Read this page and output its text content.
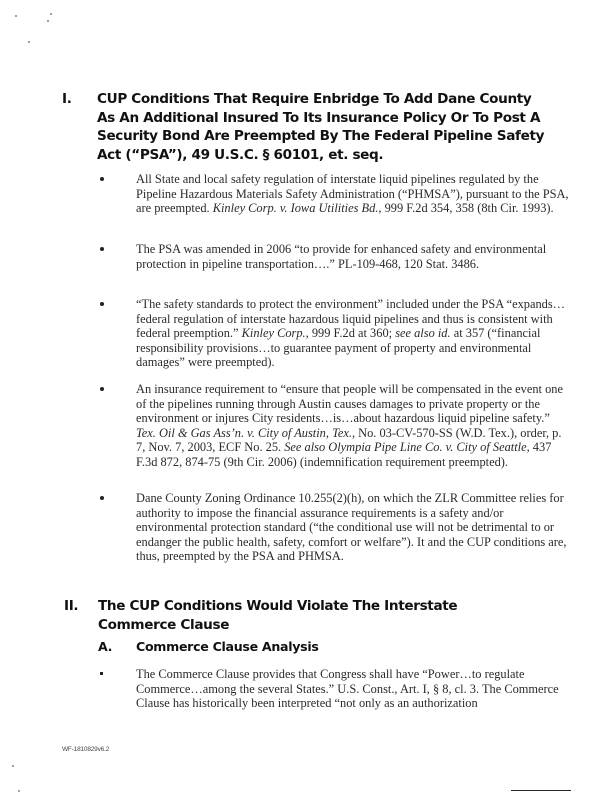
I. CUP Conditions That Require Enbridge To Add Dane County As An Additional Insured To Its Insurance Policy Or To Post A Security Bond Are Preempted By The Federal Pipeline Safety Act (“PSA”), 49 U.S.C. § 60101, et. seq.
All State and local safety regulation of interstate liquid pipelines regulated by the Pipeline Hazardous Materials Safety Administration (“PHMSA”), pursuant to the PSA, are preempted. Kinley Corp. v. Iowa Utilities Bd., 999 F.2d 354, 358 (8th Cir. 1993).
The PSA was amended in 2006 “to provide for enhanced safety and environmental protection in pipeline transportation….” PL-109-468, 120 Stat. 3486.
“The safety standards to protect the environment” included under the PSA “expands…federal regulation of interstate hazardous liquid pipelines and thus is consistent with federal preemption.” Kinley Corp., 999 F.2d at 360; see also id. at 357 (“financial responsibility provisions…to guarantee payment of property and environmental damages” were preempted).
An insurance requirement to “ensure that people will be compensated in the event one of the pipelines running through Austin causes damages to private property or the environment or injures City residents…is…about hazardous liquid pipeline safety.” Tex. Oil & Gas Ass’n. v. City of Austin, Tex., No. 03-CV-570-SS (W.D. Tex.), order, p. 7, Nov. 7, 2003, ECF No. 25. See also Olympia Pipe Line Co. v. City of Seattle, 437 F.3d 872, 874-75 (9th Cir. 2006) (indemnification requirement preempted).
Dane County Zoning Ordinance 10.255(2)(h), on which the ZLR Committee relies for authority to impose the financial assurance requirements is a safety and/or environmental protection standard (“the conditional use will not be detrimental to or endanger the public health, safety, comfort or welfare”). It and the CUP conditions are, thus, preempted by the PSA and PHMSA.
II. The CUP Conditions Would Violate The Interstate Commerce Clause
A. Commerce Clause Analysis
The Commerce Clause provides that Congress shall have “Power…to regulate Commerce…among the several States.” U.S. Const., Art. I, § 8, cl. 3. The Commerce Clause has historically been interpreted “not only as an authorization
WF-1810829v6.2
